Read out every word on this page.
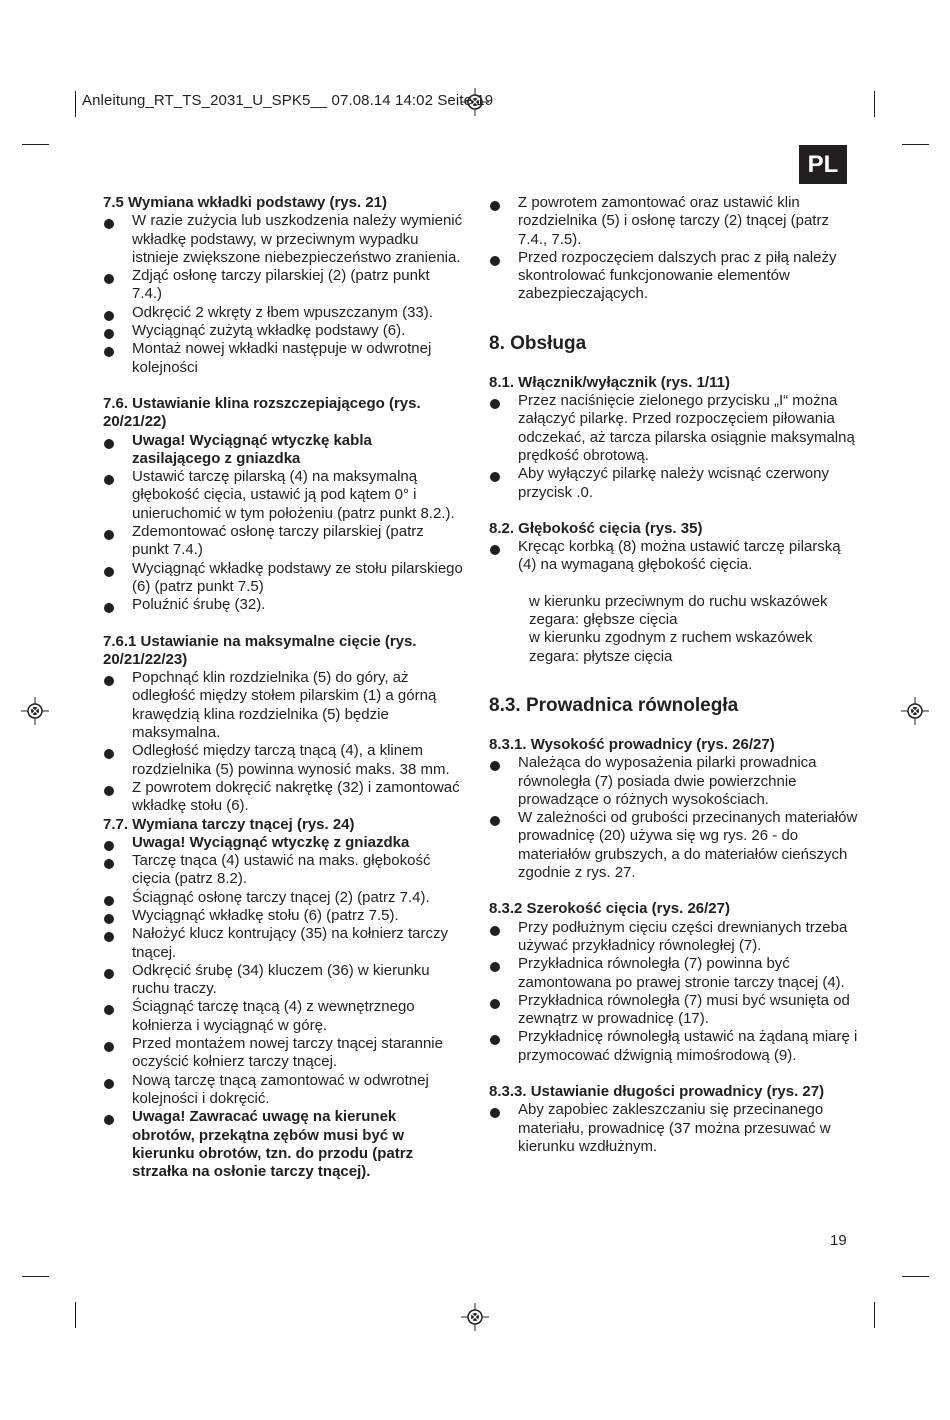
Anleitung_RT_TS_2031_U_SPK5__ 07.08.14 14:02 Seite 19
PL
7.5 Wymiana wkładki podstawy (rys. 21)
W razie zużycia lub uszkodzenia należy wymienić wkładkę podstawy, w przeciwnym wypadku istnieje zwiększone niebezpieczeństwo zranienia.
Zdjąć osłonę tarczy pilarskiej (2) (patrz punkt 7.4.)
Odkręcić 2 wkręty z łbem wpuszczanym (33).
Wyciągnąć zużytą wkładkę podstawy (6).
Montaż nowej wkładki następuje w odwrotnej kolejności
7.6. Ustawianie klina rozszczepiającego (rys. 20/21/22)
Uwaga! Wyciągnąć wtyczkę kabla zasilającego z gniazdka
Ustawić tarczę pilarską (4) na maksymalną głębokość cięcia, ustawić ją pod kątem 0° i unieruchomić w tym położeniu (patrz punkt 8.2.).
Zdemontować osłonę tarczy pilarskiej (patrz punkt 7.4.)
Wyciągnąć wkładkę podstawy ze stołu pilarskiego (6) (patrz punkt 7.5)
Poluźnić śrubę (32).
7.6.1 Ustawianie na maksymalne cięcie (rys. 20/21/22/23)
Popchnąć klin rozdzielnika (5) do góry, aż odległość między stołem pilarskim (1) a górną krawędzią klina rozdzielnika (5) będzie maksymalna.
Odległość między tarczą tnącą (4), a klinem rozdzielnika (5) powinna wynosić maks. 38 mm.
Z powrotem dokręcić nakrętkę (32) i zamontować wkładkę stołu (6).
7.7. Wymiana tarczy tnącej (rys. 24)
Uwaga! Wyciągnąć wtyczkę z gniazdka
Tarczę tnąca (4) ustawić na maks. głębokość cięcia (patrz 8.2).
Ściągnąć osłonę tarczy tnącej (2) (patrz 7.4).
Wyciągnąć wkładkę stołu (6) (patrz 7.5).
Nałożyć klucz kontrujący (35) na kołnierz tarczy tnącej.
Odkręcić śrubę (34) kluczem (36) w kierunku ruchu traczy.
Ściągnąć tarczę tnącą (4) z wewnętrznego kołnierza i wyciągnąć w górę.
Przed montażem nowej tarczy tnącej starannie oczyścić kołnierz tarczy tnącej.
Nową tarczę tnącą zamontować w odwrotnej kolejności i dokręcić.
Uwaga! Zawracać uwagę na kierunek obrotów, przekątna zębów musi być w kierunku obrotów, tzn. do przodu (patrz strzałka na osłonie tarczy tnącej).
Z powrotem zamontować oraz ustawić klin rozdzielnika (5) i osłonę tarczy (2) tnącej (patrz 7.4., 7.5).
Przed rozpoczęciem dalszych prac z piłą należy skontrolować funkcjonowanie elementów zabezpieczających.
8. Obsługa
8.1. Włącznik/wyłącznik (rys. 1/11)
Przez naciśnięcie zielonego przycisku „I“ można załączyć pilarkę. Przed rozpoczęciem piłowania odczekać, aż tarcza pilarska osiągnie maksymalną prędkość obrotową.
Aby wyłączyć pilarkę należy wcisnąć czerwony przycisk .0.
8.2. Głębokość cięcia (rys. 35)
Kręcąc korbką (8) można ustawić tarczę pilarską (4) na wymaganą głębokość cięcia.
w kierunku przeciwnym do ruchu wskazówek zegara: głębsze cięcia
w kierunku zgodnym z ruchem wskazówek zegara: płytsze cięcia
8.3. Prowadnica równoległa
8.3.1. Wysokość prowadnicy (rys. 26/27)
Należąca do wyposażenia pilarki prowadnica równoległa (7) posiada dwie powierzchnie prowadzące o różnych wysokościach.
W zależności od grubości przecinanych materiałów prowadnicę (20) używa się wg rys. 26 - do materiałów grubszych, a do materiałów cieńszych zgodnie z rys. 27.
8.3.2 Szerokość cięcia (rys. 26/27)
Przy podłużnym cięciu części drewnianych trzeba używać przykładnicy równoległej (7).
Przykładnica równoległa (7) powinna być zamontowana po prawej stronie tarczy tnącej (4).
Przykładnica równoległa (7) musi być wsunięta od zewnątrz w prowadnicę (17).
Przykładnicę równoległą ustawić na żądaną miarę i przymocować dźwignią mimośrodową (9).
8.3.3. Ustawianie długości prowadnicy (rys. 27)
Aby zapobiec zakleszczaniu się przecinanego materiału, prowadnicę (37 można przesuwać w kierunku wzdłużnym.
19
